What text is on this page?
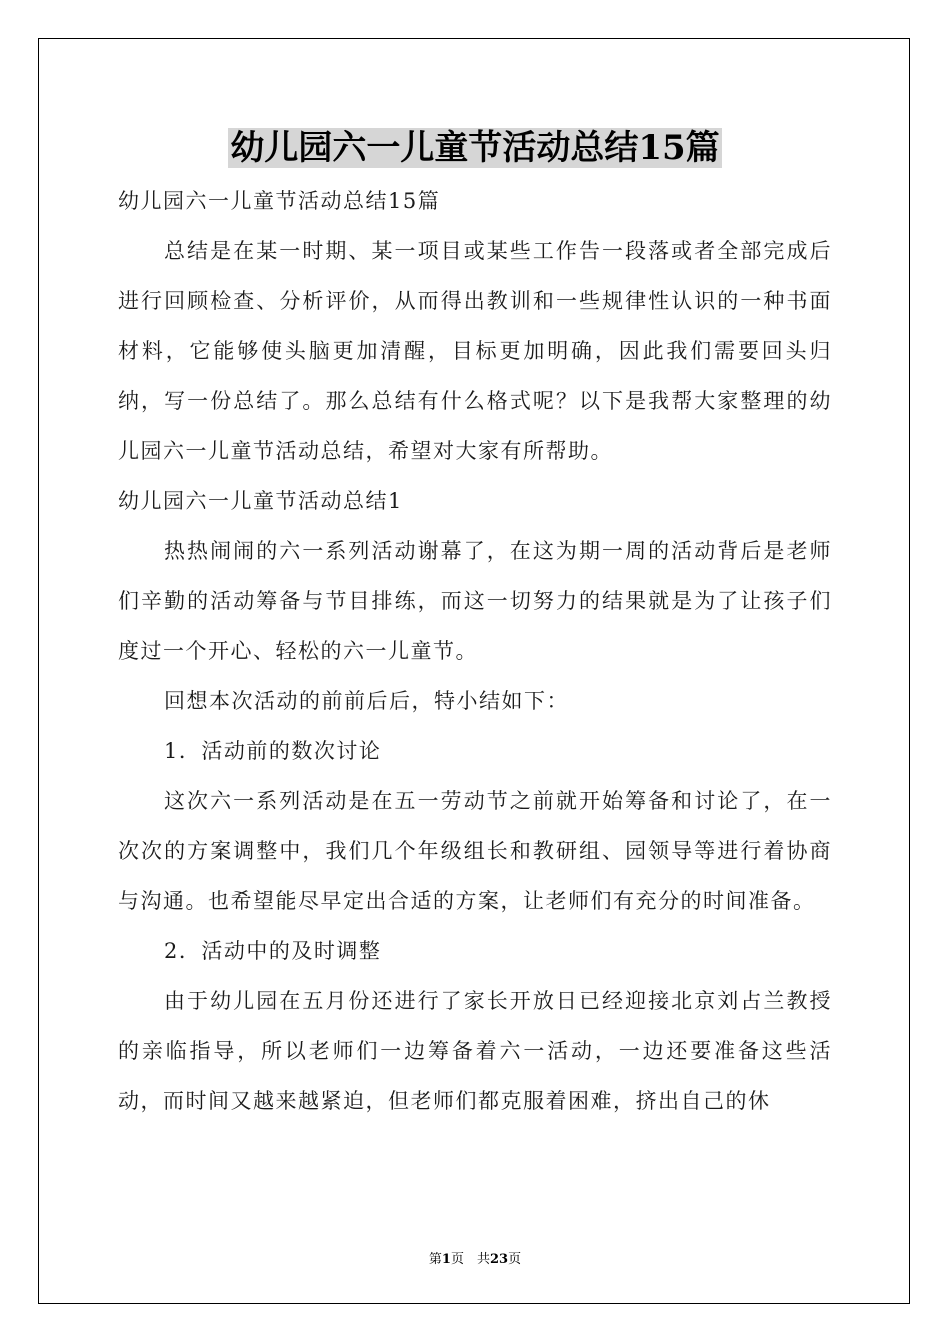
幼儿园六一儿童节活动总结15篇

幼儿园六一儿童节活动总结15篇

总结是在某一时期、某一项目或某些工作告一段落或者全部完成后进行回顾检查、分析评价，从而得出教训和一些规律性认识的一种书面材料，它能够使头脑更加清醒，目标更加明确，因此我们需要回头归纳，写一份总结了。那么总结有什么格式呢？以下是我帮大家整理的幼儿园六一儿童节活动总结，希望对大家有所帮助。

幼儿园六一儿童节活动总结1

热热闹闹的六一系列活动谢幕了，在这为期一周的活动背后是老师们辛勤的活动筹备与节目排练，而这一切努力的结果就是为了让孩子们度过一个开心、轻松的六一儿童节。

回想本次活动的前前后后，特小结如下：

1．活动前的数次讨论

这次六一系列活动是在五一劳动节之前就开始筹备和讨论了，在一次次的方案调整中，我们几个年级组长和教研组、园领导等进行着协商与沟通。也希望能尽早定出合适的方案，让老师们有充分的时间准备。

2．活动中的及时调整

由于幼儿园在五月份还进行了家长开放日已经迎接北京刘占兰教授的亲临指导，所以老师们一边筹备着六一活动，一边还要准备这些活动，而时间又越来越紧迫，但老师们都克服着困难，挤出自己的休

第1页　共23页
